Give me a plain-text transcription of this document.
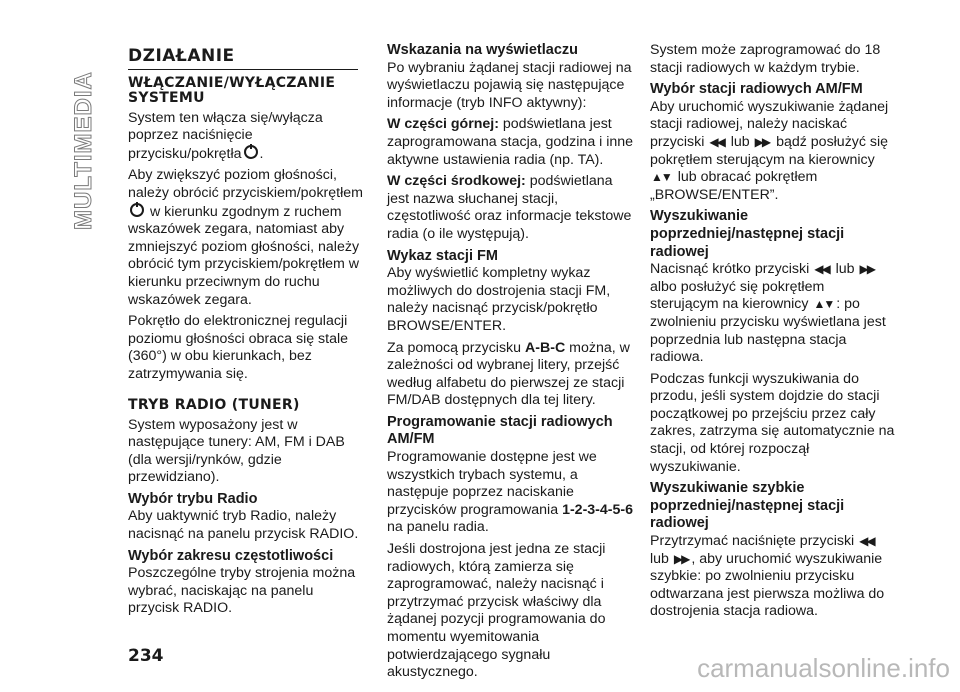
MULTIMEDIA
DZIAŁANIE
WŁĄCZANIE/WYŁĄCZANIE SYSTEMU

System ten włącza się/wyłącza poprzez naciśnięcie przycisku/pokrętła .

Aby zwiększyć poziom głośności, należy obrócić przyciskiem/pokrętłem
w kierunku zgodnym z ruchem wskazówek zegara, natomiast aby zmniejszyć poziom głośności, należy obrócić tym przyciskiem/pokrętłem w kierunku przeciwnym do ruchu wskazówek zegara.

Pokrętło do elektronicznej regulacji poziomu głośności obraca się stale (360°) w obu kierunkach, bez zatrzymywania się.

TRYB RADIO (TUNER)

System wyposażony jest w następujące tunery: AM, FM i DAB (dla wersji/rynków, gdzie przewidziano).

Wybór trybu Radio

Aby uaktywnić tryb Radio, należy nacisnąć na panelu przycisk RADIO.

Wybór zakresu częstotliwości

Poszczególne tryby strojenia można wybrać, naciskając na panelu przycisk RADIO.

Wskazania na wyświetlaczu

Po wybraniu żądanej stacji radiowej na wyświetlaczu pojawią się następujące informacje (tryb INFO aktywny):

W części górnej: podświetlana jest zaprogramowana stacja, godzina i inne aktywne ustawienia radia (np. TA).

W części środkowej: podświetlana jest nazwa słuchanej stacji, częstotliwość oraz informacje tekstowe radia (o ile występują).

Wykaz stacji FM

Aby wyświetlić kompletny wykaz możliwych do dostrojenia stacji FM, należy nacisnąć przycisk/pokrętło BROWSE/ENTER.

Za pomocą przycisku A-B-C można, w zależności od wybranej litery, przejść według alfabetu do pierwszej ze stacji FM/DAB dostępnych dla tej litery.

Programowanie stacji radiowych AM/FM

Programowanie dostępne jest we wszystkich trybach systemu, a następuje poprzez naciskanie przycisków programowania 1-2-3-4-5-6 na panelu radia.

Jeśli dostrojona jest jedna ze stacji radiowych, którą zamierza się zaprogramować, należy nacisnąć i przytrzymać przycisk właściwy dla żądanej pozycji programowania do momentu wyemitowania potwierdzającego sygnału akustycznego.

System może zaprogramować do 18 stacji radiowych w każdym trybie.

Wybór stacji radiowych AM/FM

Aby uruchomić wyszukiwanie żądanej stacji radiowej, należy naciskać przyciski ◀◀ lub ▶▶ bądź posłużyć się pokrętłem sterującym na kierownicy ▲▼ lub obracać pokrętłem „BROWSE/ENTER”.

Wyszukiwanie poprzedniej/następnej stacji radiowej

Nacisnąć krótko przyciski ◀◀ lub ▶▶ albo posłużyć się pokrętłem sterującym na kierownicy ▲▼ : po zwolnieniu przycisku wyświetlana jest poprzednia lub następna stacja radiowa.

Podczas funkcji wyszukiwania do przodu, jeśli system dojdzie do stacji początkowej po przejściu przez cały zakres, zatrzyma się automatycznie na stacji, od której rozpoczął wyszukiwanie.

Wyszukiwanie szybkie poprzedniej/następnej stacji radiowej

Przytrzymać naciśnięte przyciski ◀◀
lub ▶▶ , aby uruchomić wyszukiwanie szybkie: po zwolnieniu przycisku odtwarzana jest pierwsza możliwa do dostrojenia stacja radiowa.

234	carmanualsonline.info
